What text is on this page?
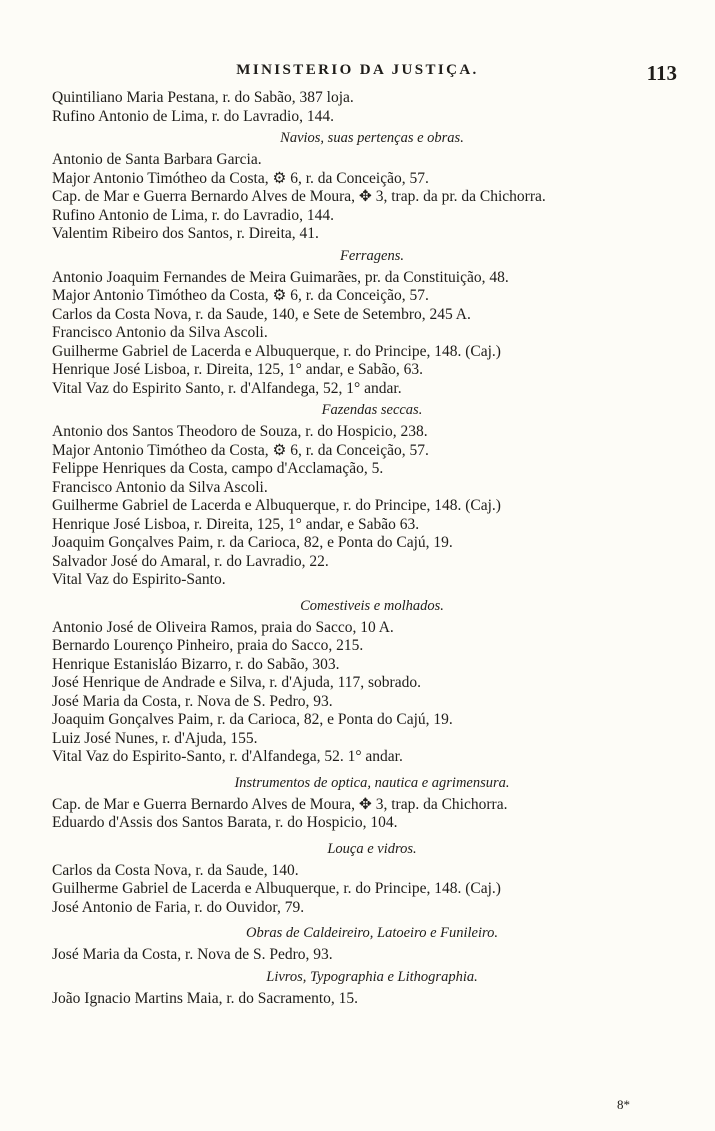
MINISTERIO DA JUSTIÇA.	113
Quintiliano Maria Pestana, r. do Sabão, 387 loja.
Rufino Antonio de Lima, r. do Lavradio, 144.
Navios, suas pertenças e obras.
Antonio de Santa Barbara Garcia.
Major Antonio Timótheo da Costa, ⚙ 6, r. da Conceição, 57.
Cap. de Mar e Guerra Bernardo Alves de Moura, ✥ 3, trap. da pr. da Chichorra.
Rufino Antonio de Lima, r. do Lavradio, 144.
Valentim Ribeiro dos Santos, r. Direita, 41.
Ferragens.
Antonio Joaquim Fernandes de Meira Guimarães, pr. da Constituição, 48.
Major Antonio Timótheo da Costa, ⚙ 6, r. da Conceição, 57.
Carlos da Costa Nova, r. da Saude, 140, e Sete de Setembro, 245 A.
Francisco Antonio da Silva Ascoli.
Guilherme Gabriel de Lacerda e Albuquerque, r. do Principe, 148. (Caj.)
Henrique José Lisboa, r. Direita, 125, 1° andar, e Sabão, 63.
Vital Vaz do Espirito Santo, r. d'Alfandega, 52, 1° andar.
Fazendas seccas.
Antonio dos Santos Theodoro de Souza, r. do Hospicio, 238.
Major Antonio Timótheo da Costa, ⚙ 6, r. da Conceição, 57.
Felippe Henriques da Costa, campo d'Acclamação, 5.
Francisco Antonio da Silva Ascoli.
Guilherme Gabriel de Lacerda e Albuquerque, r. do Principe, 148. (Caj.)
Henrique José Lisboa, r. Direita, 125, 1° andar, e Sabão 63.
Joaquim Gonçalves Paim, r. da Carioca, 82, e Ponta do Cajú, 19.
Salvador José do Amaral, r. do Lavradio, 22.
Vital Vaz do Espirito-Santo.
Comestiveis e molhados.
Antonio José de Oliveira Ramos, praia do Sacco, 10 A.
Bernardo Lourenço Pinheiro, praia do Sacco, 215.
Henrique Estanisláo Bizarro, r. do Sabão, 303.
José Henrique de Andrade e Silva, r. d'Ajuda, 117, sobrado.
José Maria da Costa, r. Nova de S. Pedro, 93.
Joaquim Gonçalves Paim, r. da Carioca, 82, e Ponta do Cajú, 19.
Luiz José Nunes, r. d'Ajuda, 155.
Vital Vaz do Espirito-Santo, r. d'Alfandega, 52. 1° andar.
Instrumentos de optica, nautica e agrimensura.
Cap. de Mar e Guerra Bernardo Alves de Moura, ✥ 3, trap. da Chichorra.
Eduardo d'Assis dos Santos Barata, r. do Hospicio, 104.
Louça e vidros.
Carlos da Costa Nova, r. da Saude, 140.
Guilherme Gabriel de Lacerda e Albuquerque, r. do Principe, 148. (Caj.)
José Antonio de Faria, r. do Ouvidor, 79.
Obras de Caldeireiro, Latoeiro e Funileiro.
José Maria da Costa, r. Nova de S. Pedro, 93.
Livros, Typographia e Lithographia.
João Ignacio Martins Maia, r. do Sacramento, 15.
8*
